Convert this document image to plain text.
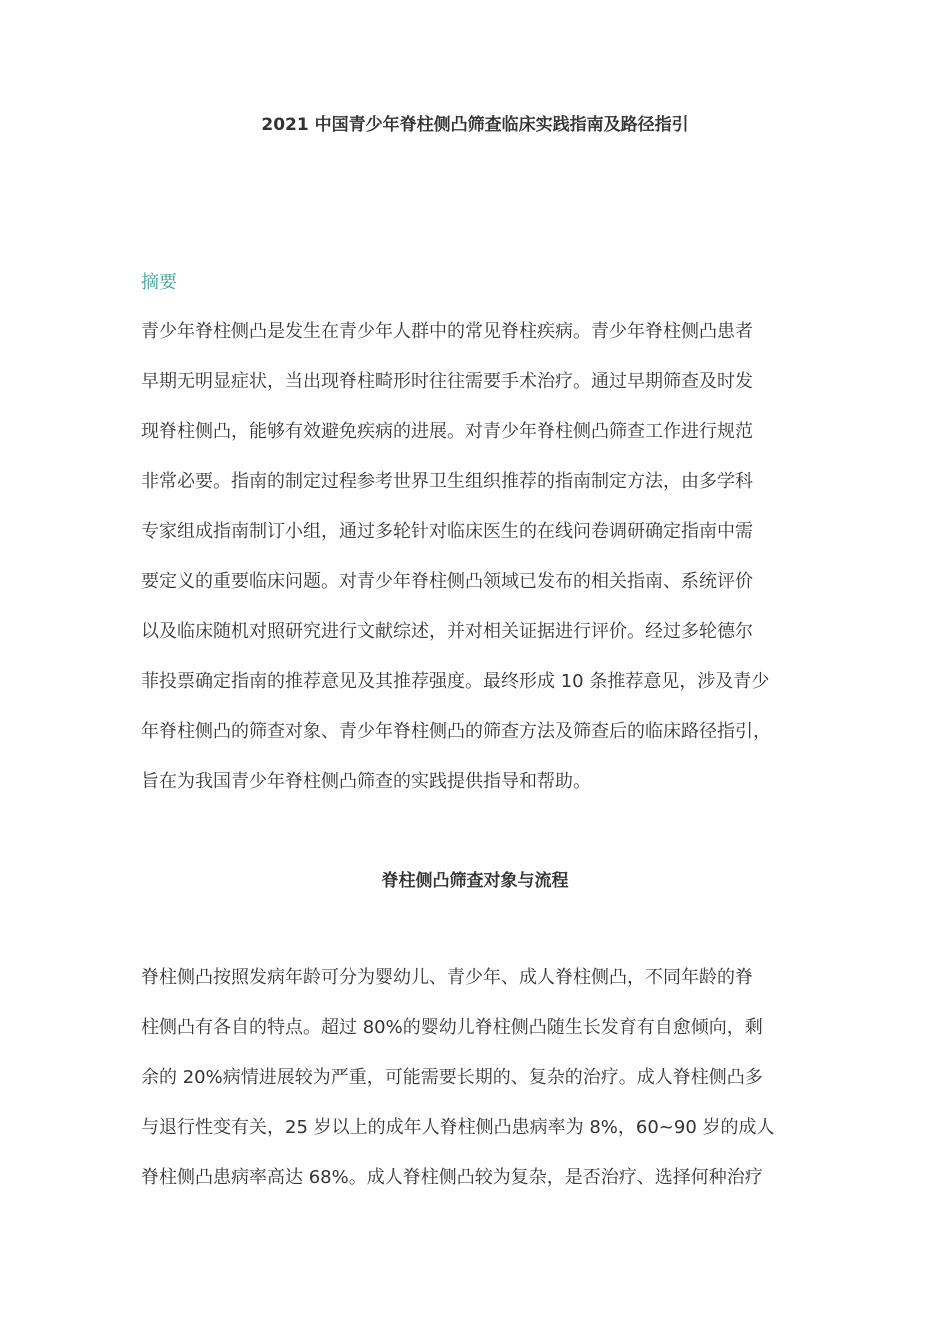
2021 中国青少年脊柱侧凸筛查临床实践指南及路径指引
摘要
青少年脊柱侧凸是发生在青少年人群中的常见脊柱疾病。青少年脊柱侧凸患者
早期无明显症状，当出现脊柱畸形时往往需要手术治疗。通过早期筛查及时发
现脊柱侧凸，能够有效避免疾病的进展。对青少年脊柱侧凸筛查工作进行规范
非常必要。指南的制定过程参考世界卫生组织推荐的指南制定方法，由多学科
专家组成指南制订小组，通过多轮针对临床医生的在线问卷调研确定指南中需
要定义的重要临床问题。对青少年脊柱侧凸领域已发布的相关指南、系统评价
以及临床随机对照研究进行文献综述，并对相关证据进行评价。经过多轮德尔
菲投票确定指南的推荐意见及其推荐强度。最终形成 10 条推荐意见，涉及青少
年脊柱侧凸的筛查对象、青少年脊柱侧凸的筛查方法及筛查后的临床路径指引，
旨在为我国青少年脊柱侧凸筛查的实践提供指导和帮助。
脊柱侧凸筛查对象与流程
脊柱侧凸按照发病年龄可分为婴幼儿、青少年、成人脊柱侧凸，不同年龄的脊
柱侧凸有各自的特点。超过 80%的婴幼儿脊柱侧凸随生长发育有自愈倾向，剩
余的 20%病情进展较为严重，可能需要长期的、复杂的治疗。成人脊柱侧凸多
与退行性变有关，25 岁以上的成年人脊柱侧凸患病率为 8%，60~90 岁的成人
脊柱侧凸患病率高达 68%。成人脊柱侧凸较为复杂，是否治疗、选择何种治疗
